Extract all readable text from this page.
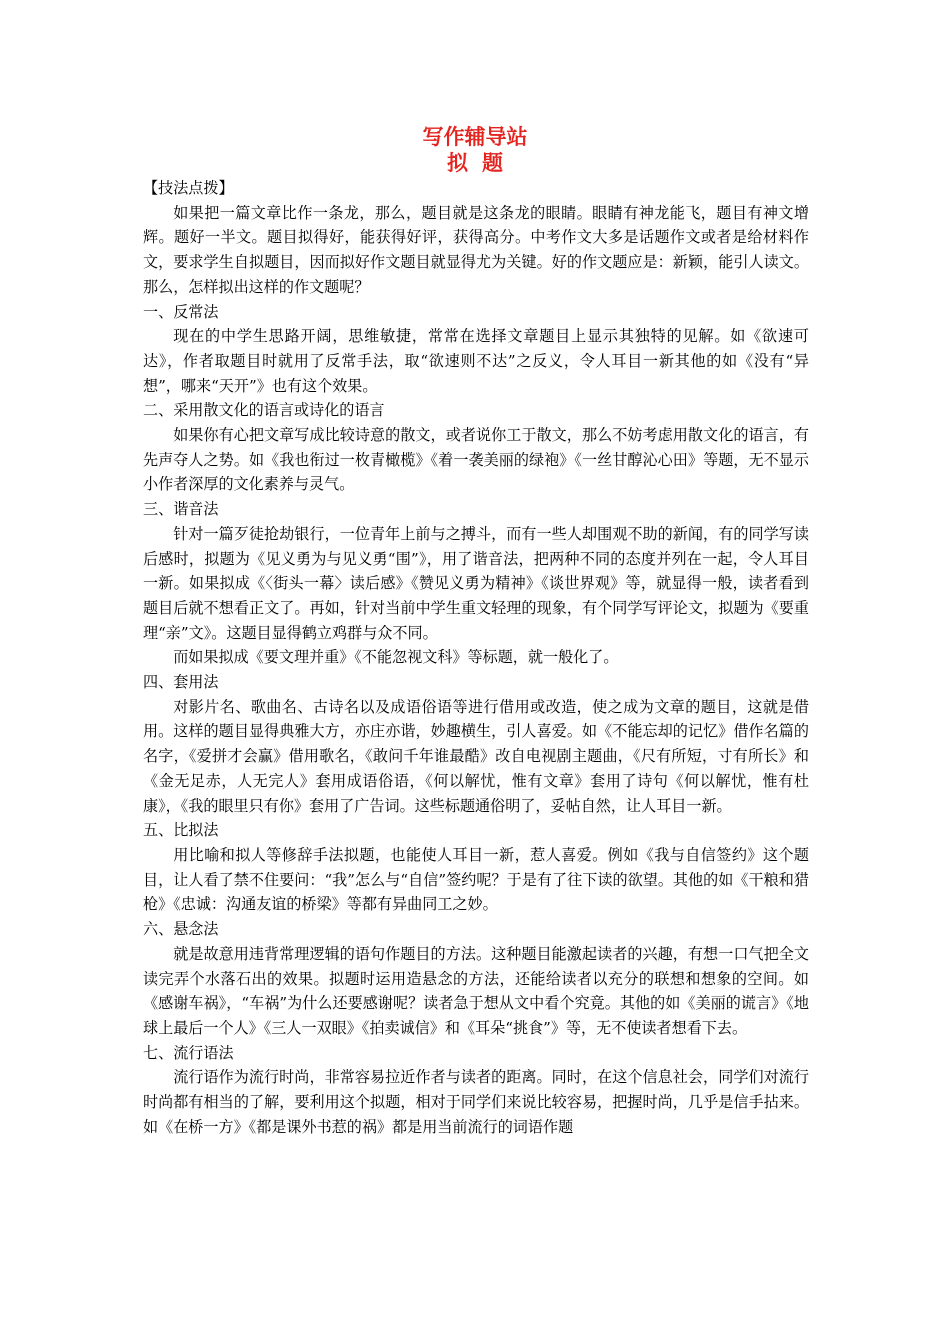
写作辅导站
拟题

【技法点拨】

如果把一篇文章比作一条龙，那么，题目就是这条龙的眼睛。眼睛有神龙能飞，题目有神文增辉。题好一半文。题目拟得好，能获得好评，获得高分。中考作文大多是话题作文或者是给材料作文，要求学生自拟题目，因而拟好作文题目就显得尤为关键。好的作文题应是：新颖，能引人读文。那么，怎样拟出这样的作文题呢？

一、反常法

现在的中学生思路开阔，思维敏捷，常常在选择文章题目上显示其独特的见解。如《欲速可达》，作者取题目时就用了反常手法，取“欲速则不达”之反义，令人耳目一新其他的如《没有“异想”，哪来“天开”》也有这个效果。

二、采用散文化的语言或诗化的语言

如果你有心把文章写成比较诗意的散文，或者说你工于散文，那么不妨考虑用散文化的语言，有先声夺人之势。如《我也衔过一枚青橄榄》《着一袭美丽的绿袍》《一丝甘醇沁心田》等题，无不显示小作者深厚的文化素养与灵气。

三、谐音法

针对一篇歹徒抢劫银行，一位青年上前与之搏斗，而有一些人却围观不助的新闻，有的同学写读后感时，拟题为《见义勇为与见义勇“围”》，用了谐音法，把两种不同的态度并列在一起，令人耳目一新。如果拟成《〈街头一幕〉读后感》《赞见义勇为精神》《谈世界观》等，就显得一般，读者看到题目后就不想看正文了。再如，针对当前中学生重文轻理的现象，有个同学写评论文，拟题为《要重理“亲”文》。这题目显得鹤立鸡群与众不同。

而如果拟成《要文理并重》《不能忽视文科》等标题，就一般化了。

四、套用法

对影片名、歌曲名、古诗名以及成语俗语等进行借用或改造，使之成为文章的题目，这就是借用。这样的题目显得典雅大方，亦庄亦谐，妙趣横生，引人喜爱。如《不能忘却的记忆》借作名篇的名字，《爱拼才会赢》借用歌名，《敢问千年谁最酷》改自电视剧主题曲，《尺有所短，寸有所长》和《金无足赤，人无完人》套用成语俗语，《何以解忧，惟有文章》套用了诗句《何以解忧，惟有杜康》，《我的眼里只有你》套用了广告词。这些标题通俗明了，妥帖自然，让人耳目一新。

五、比拟法

用比喻和拟人等修辞手法拟题，也能使人耳目一新，惹人喜爱。例如《我与自信签约》这个题目，让人看了禁不住要问：“我”怎么与“自信”签约呢？于是有了往下读的欲望。其他的如《干粮和猎枪》《忠诚：沟通友谊的桥梁》等都有异曲同工之妙。

六、悬念法

就是故意用违背常理逻辑的语句作题目的方法。这种题目能激起读者的兴趣，有想一口气把全文读完弄个水落石出的效果。拟题时运用造悬念的方法，还能给读者以充分的联想和想象的空间。如《感谢车祸》，“车祸”为什么还要感谢呢？读者急于想从文中看个究竟。其他的如《美丽的谎言》《地球上最后一个人》《三人一双眼》《拍卖诚信》和《耳朵“挑食”》等，无不使读者想看下去。

七、流行语法

流行语作为流行时尚，非常容易拉近作者与读者的距离。同时，在这个信息社会，同学们对流行时尚都有相当的了解，要利用这个拟题，相对于同学们来说比较容易，把握时尚，几乎是信手拈来。如《在桥一方》《都是课外书惹的祸》都是用当前流行的词语作题
